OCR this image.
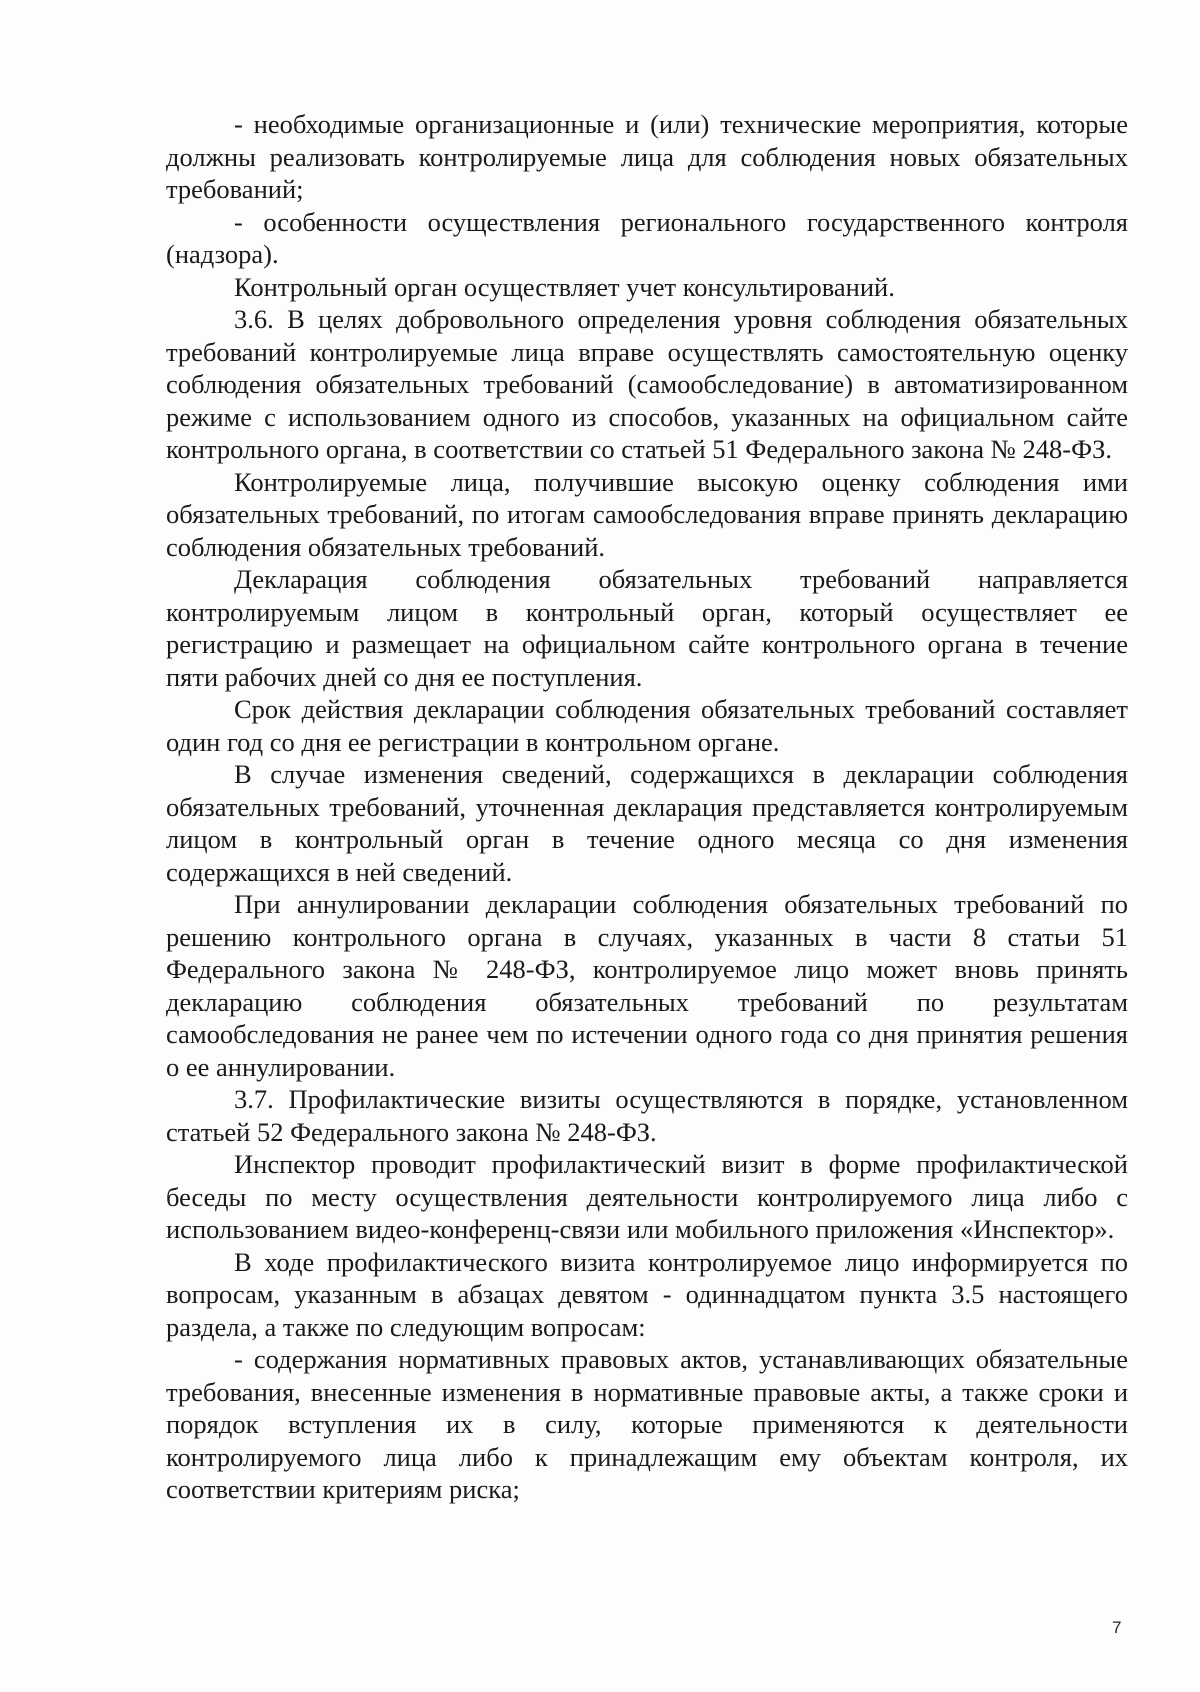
- необходимые организационные и (или) технические мероприятия, которые должны реализовать контролируемые лица для соблюдения новых обязательных требований;

- особенности осуществления регионального государственного контроля (надзора).

Контрольный орган осуществляет учет консультирований.

3.6. В целях добровольного определения уровня соблюдения обязательных требований контролируемые лица вправе осуществлять самостоятельную оценку соблюдения обязательных требований (самообследование) в автоматизированном режиме с использованием одного из способов, указанных на официальном сайте контрольного органа, в соответствии со статьей 51 Федерального закона № 248-ФЗ.

Контролируемые лица, получившие высокую оценку соблюдения ими обязательных требований, по итогам самообследования вправе принять декларацию соблюдения обязательных требований.

Декларация соблюдения обязательных требований направляется контролируемым лицом в контрольный орган, который осуществляет ее регистрацию и размещает на официальном сайте контрольного органа в течение пяти рабочих дней со дня ее поступления.

Срок действия декларации соблюдения обязательных требований составляет один год со дня ее регистрации в контрольном органе.

В случае изменения сведений, содержащихся в декларации соблюдения обязательных требований, уточненная декларация представляется контролируемым лицом в контрольный орган в течение одного месяца со дня изменения содержащихся в ней сведений.

При аннулировании декларации соблюдения обязательных требований по решению контрольного органа в случаях, указанных в части 8 статьи 51 Федерального закона № 248-ФЗ, контролируемое лицо может вновь принять декларацию соблюдения обязательных требований по результатам самообследования не ранее чем по истечении одного года со дня принятия решения о ее аннулировании.

3.7. Профилактические визиты осуществляются в порядке, установленном статьей 52 Федерального закона № 248-ФЗ.

Инспектор проводит профилактический визит в форме профилактической беседы по месту осуществления деятельности контролируемого лица либо с использованием видео-конференц-связи или мобильного приложения «Инспектор».

В ходе профилактического визита контролируемое лицо информируется по вопросам, указанным в абзацах девятом - одиннадцатом пункта 3.5 настоящего раздела, а также по следующим вопросам:

- содержания нормативных правовых актов, устанавливающих обязательные требования, внесенные изменения в нормативные правовые акты, а также сроки и порядок вступления их в силу, которые применяются к деятельности контролируемого лица либо к принадлежащим ему объектам контроля, их соответствии критериям риска;

7
